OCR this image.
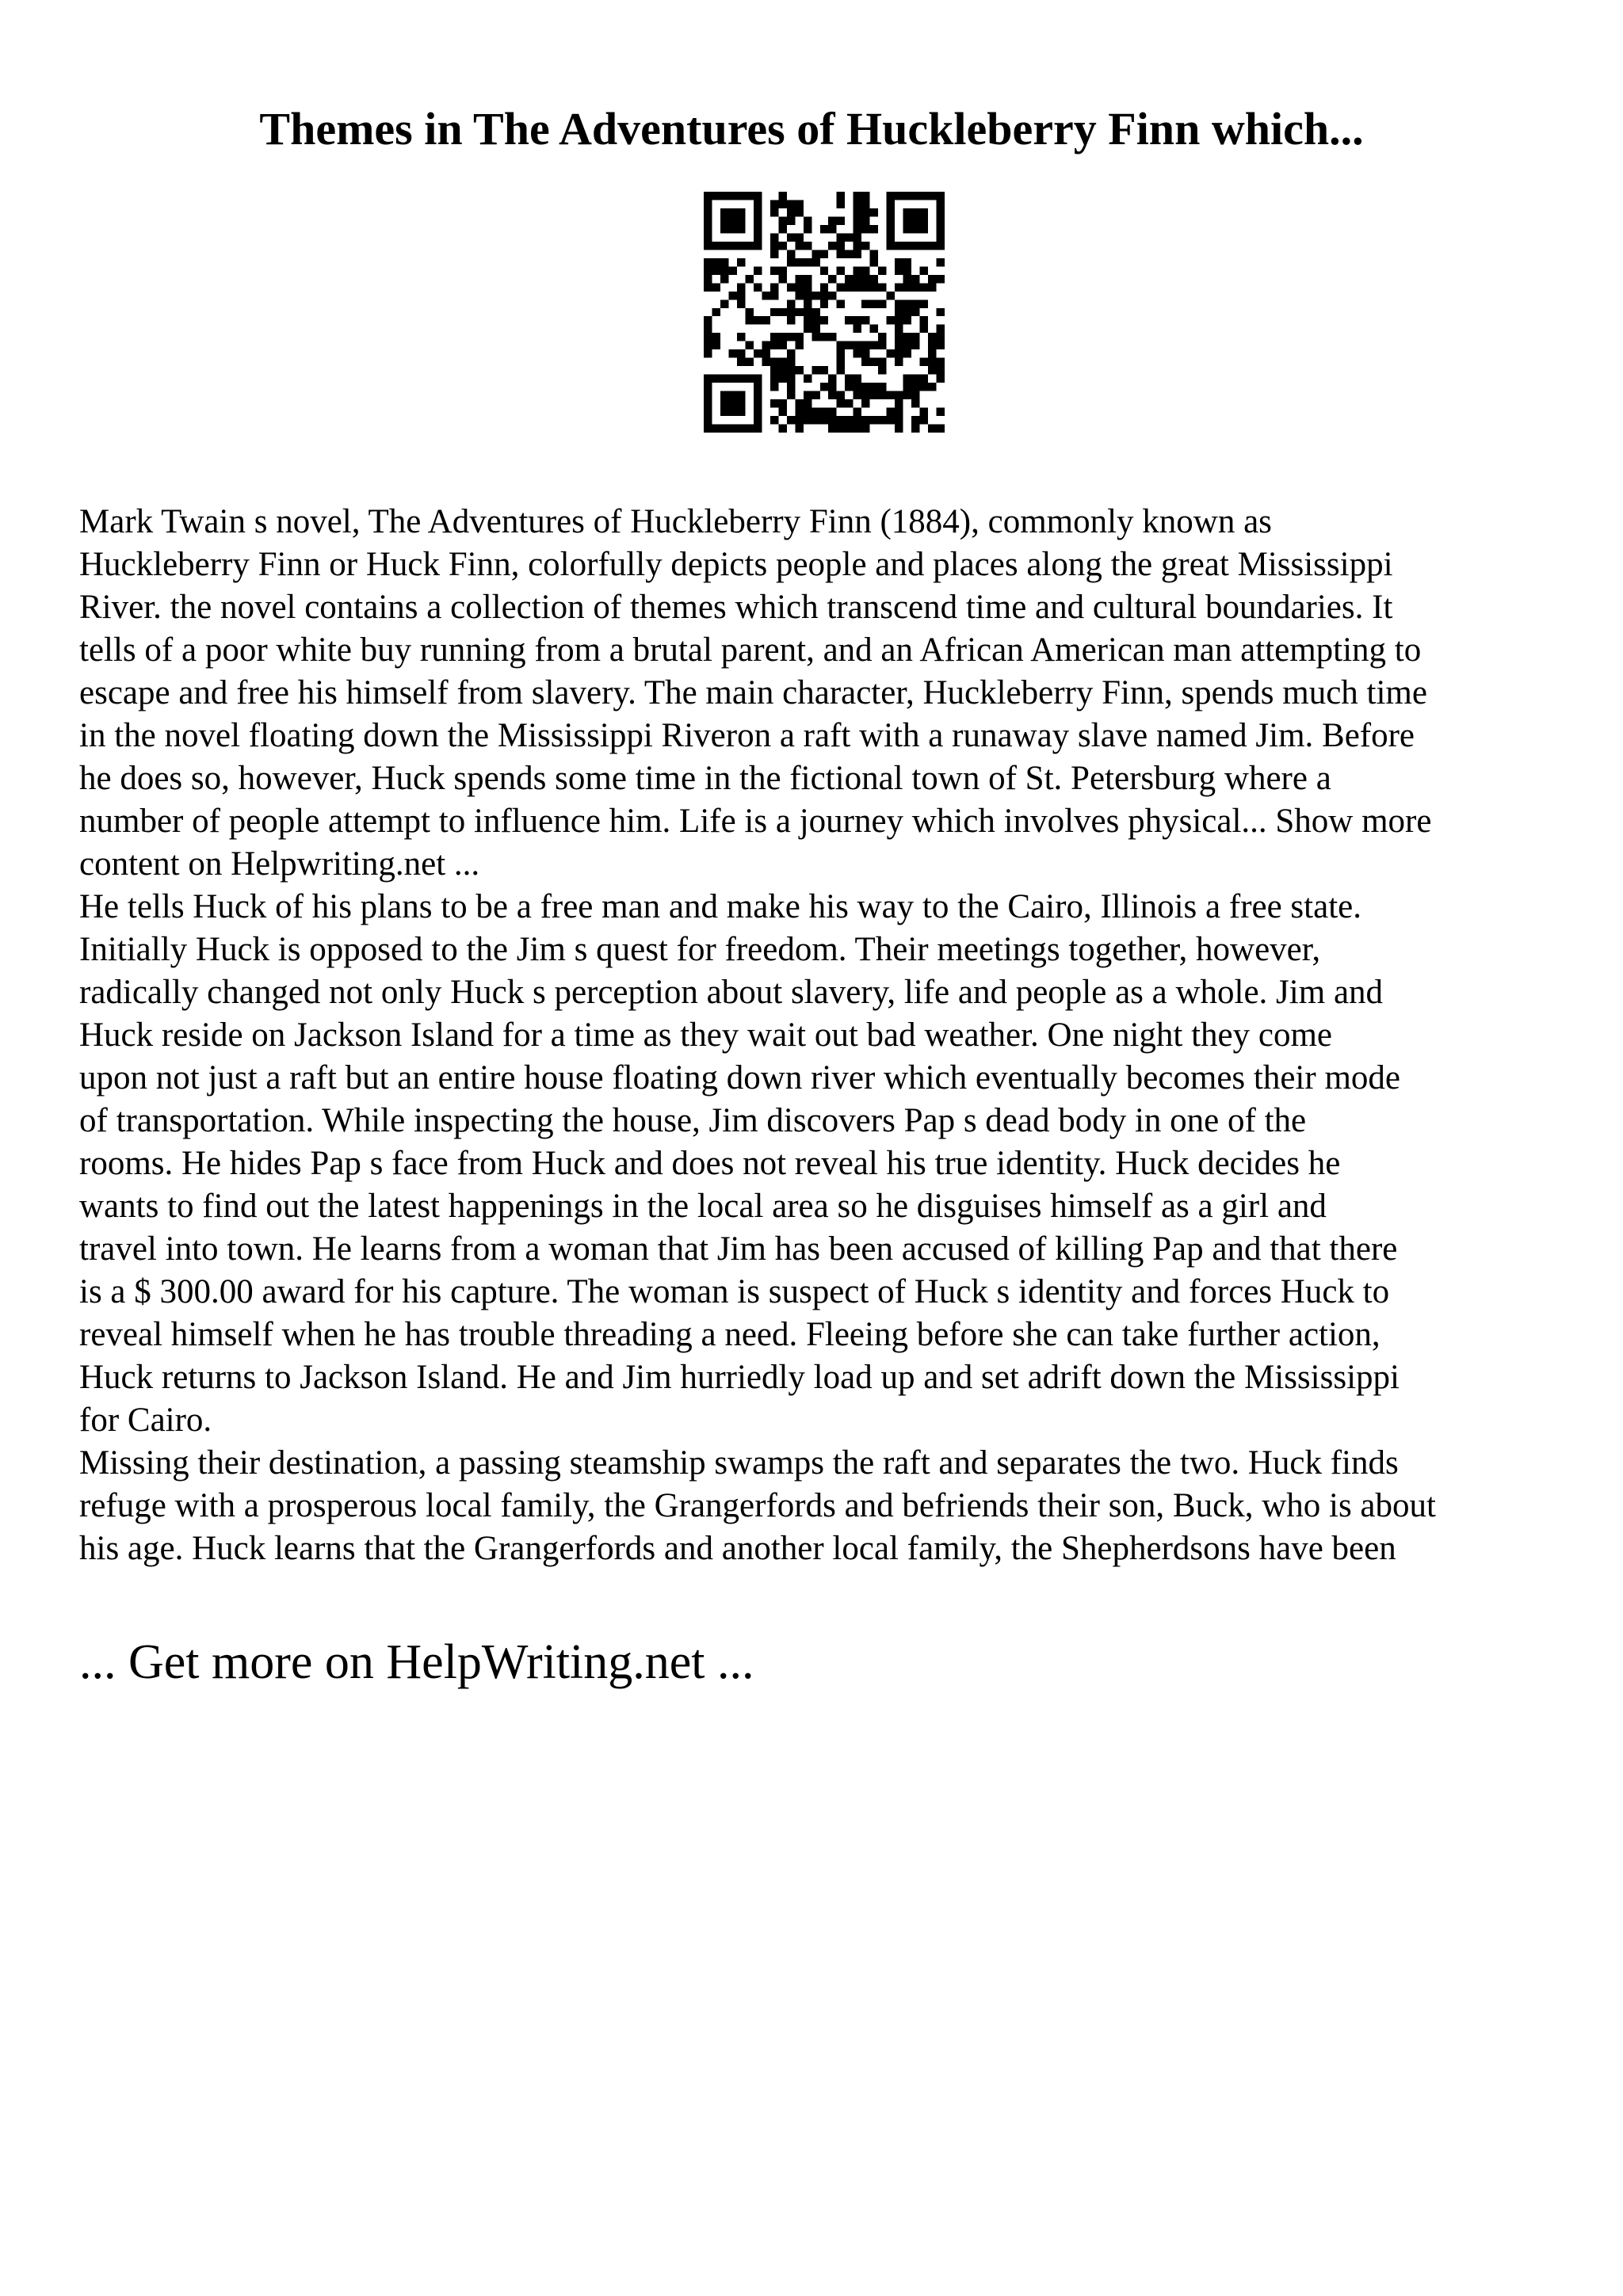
Themes in The Adventures of Huckleberry Finn which...
Mark Twain s novel, The Adventures of Huckleberry Finn (1884), commonly known as
Huckleberry Finn or Huck Finn, colorfully depicts people and places along the great Mississippi
River. the novel contains a collection of themes which transcend time and cultural boundaries. It
tells of a poor white buy running from a brutal parent, and an African American man attempting to
escape and free his himself from slavery. The main character, Huckleberry Finn, spends much time
in the novel floating down the Mississippi Riveron a raft with a runaway slave named Jim. Before
he does so, however, Huck spends some time in the fictional town of St. Petersburg where a
number of people attempt to influence him. Life is a journey which involves physical... Show more
content on Helpwriting.net ...
He tells Huck of his plans to be a free man and make his way to the Cairo, Illinois a free state.
Initially Huck is opposed to the Jim s quest for freedom. Their meetings together, however,
radically changed not only Huck s perception about slavery, life and people as a whole. Jim and
Huck reside on Jackson Island for a time as they wait out bad weather. One night they come
upon not just a raft but an entire house floating down river which eventually becomes their mode
of transportation. While inspecting the house, Jim discovers Pap s dead body in one of the
rooms. He hides Pap s face from Huck and does not reveal his true identity. Huck decides he
wants to find out the latest happenings in the local area so he disguises himself as a girl and
travel into town. He learns from a woman that Jim has been accused of killing Pap and that there
is a $ 300.00 award for his capture. The woman is suspect of Huck s identity and forces Huck to
reveal himself when he has trouble threading a need. Fleeing before she can take further action,
Huck returns to Jackson Island. He and Jim hurriedly load up and set adrift down the Mississippi
for Cairo.
Missing their destination, a passing steamship swamps the raft and separates the two. Huck finds
refuge with a prosperous local family, the Grangerfords and befriends their son, Buck, who is about
his age. Huck learns that the Grangerfords and another local family, the Shepherdsons have been
... Get more on HelpWriting.net ...
